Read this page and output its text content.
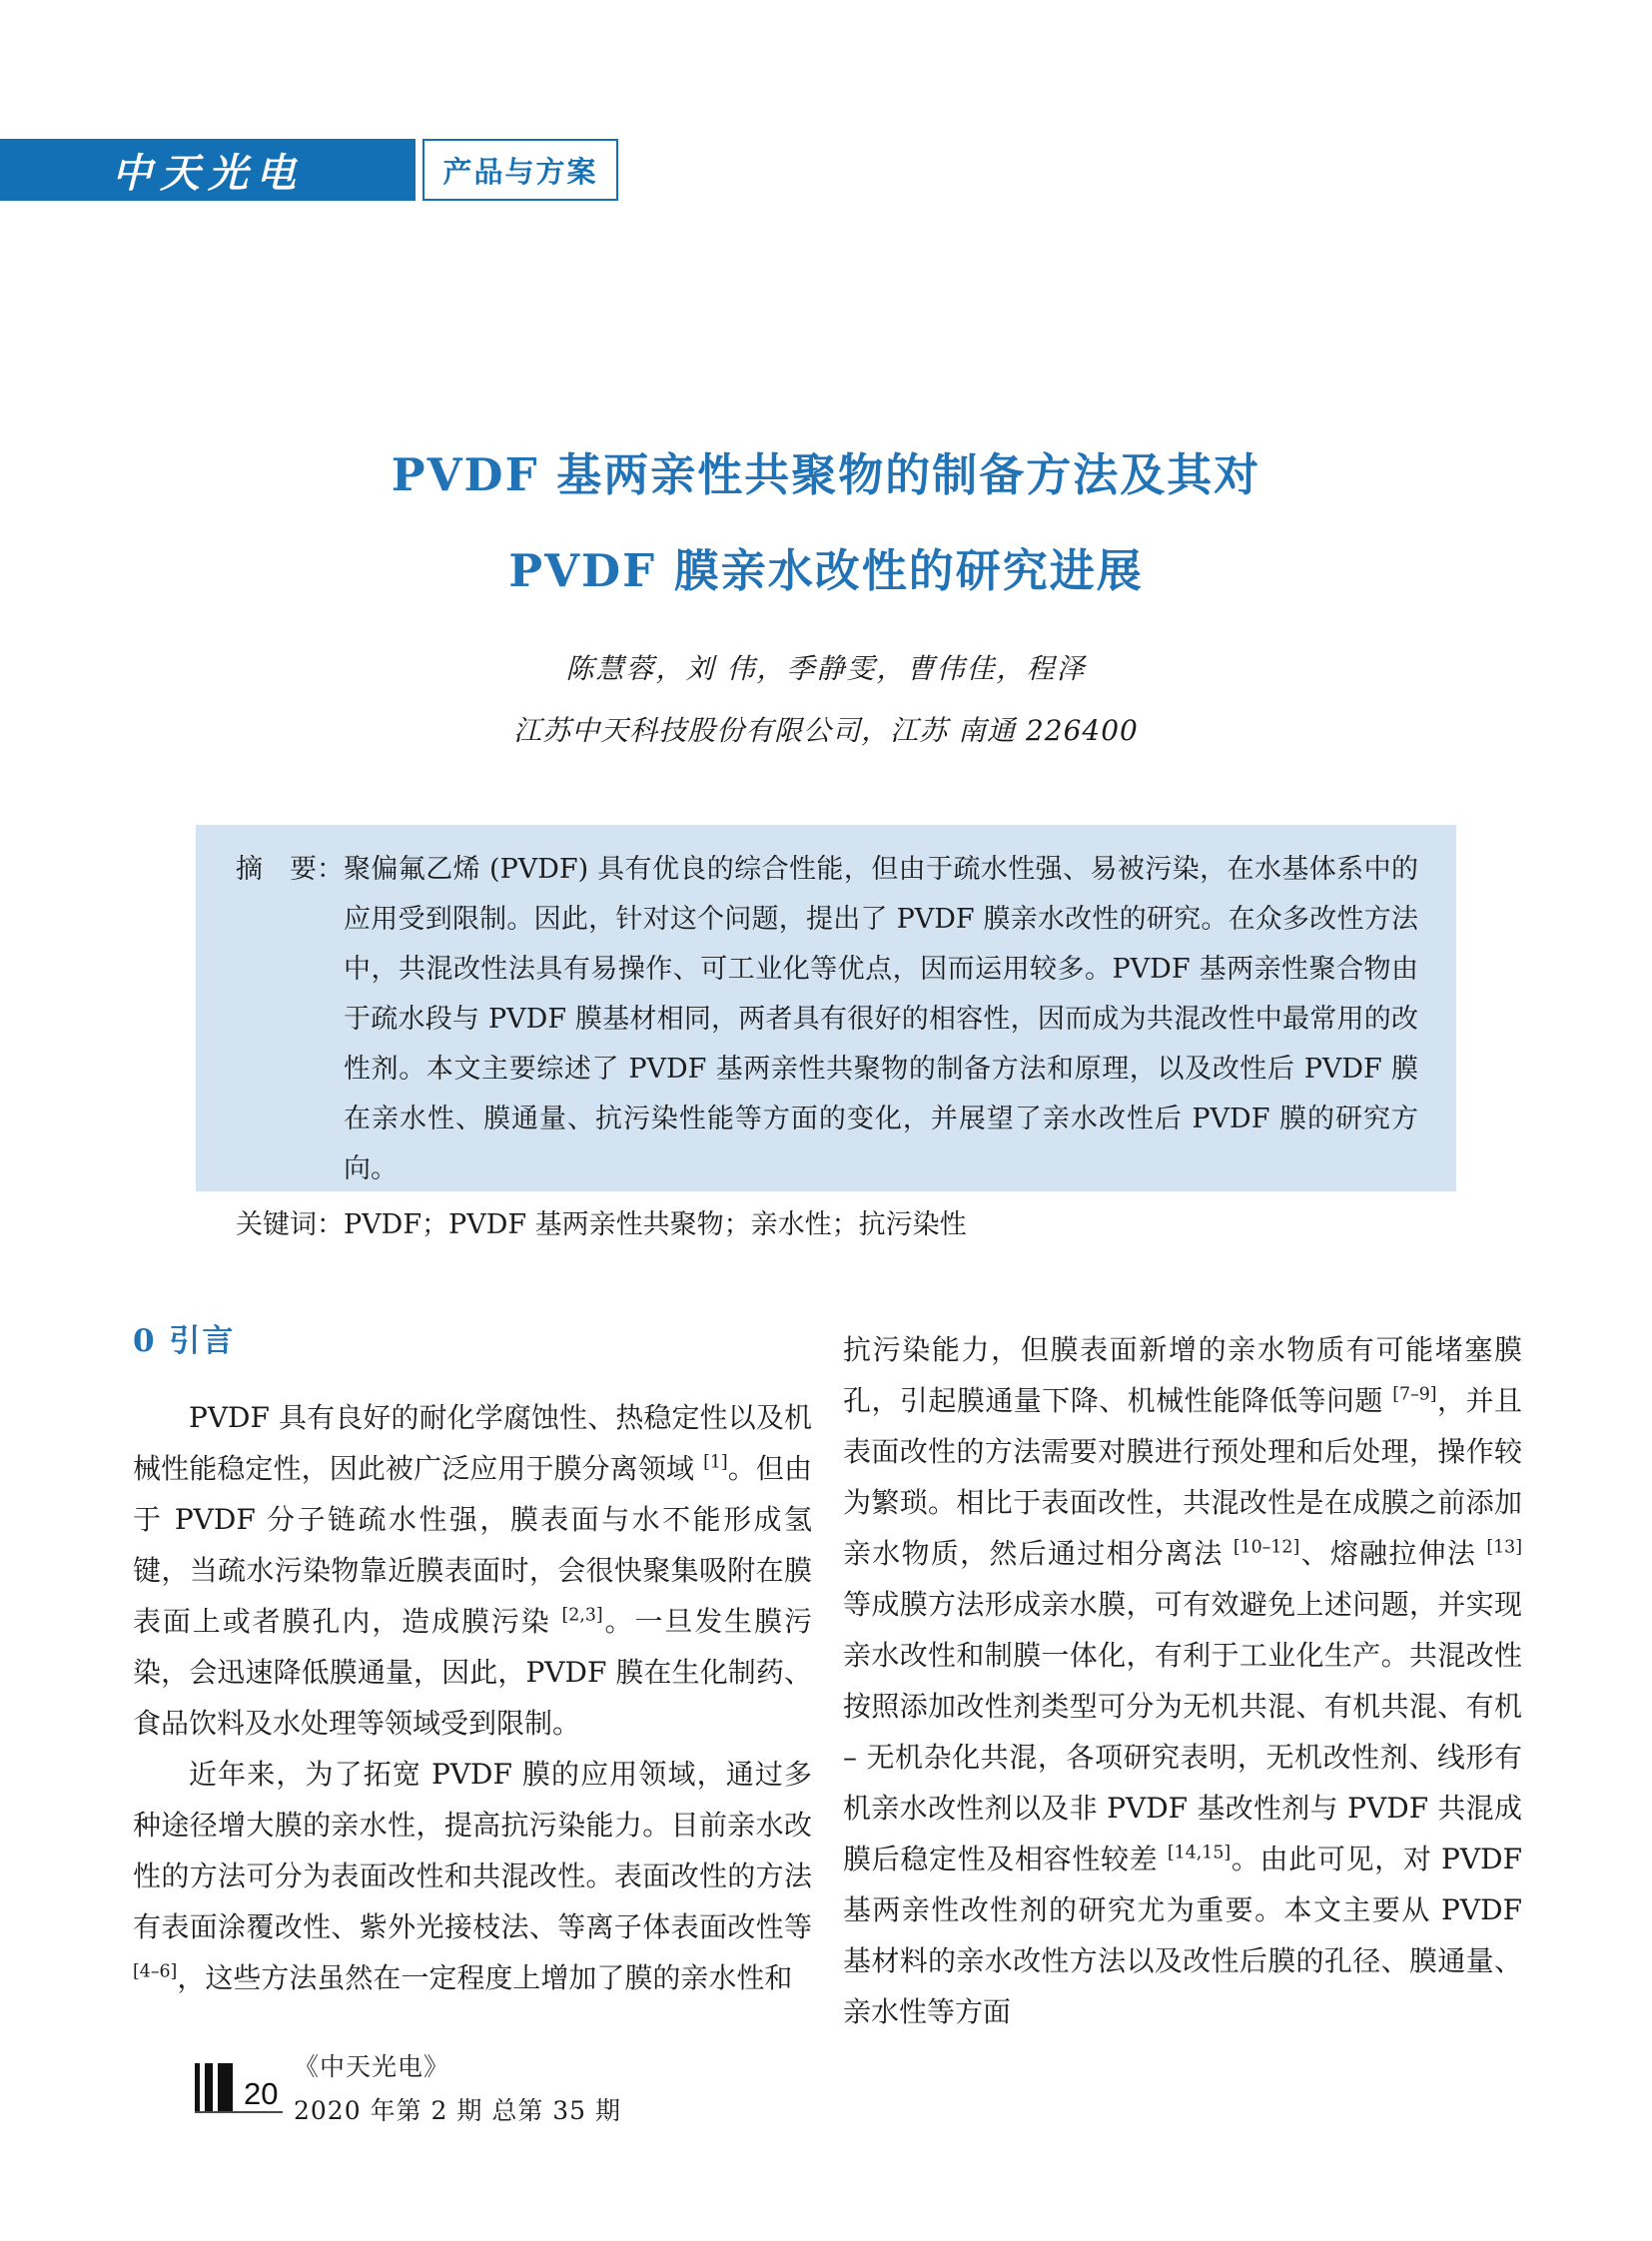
中天光电	产品与方案
PVDF 基两亲性共聚物的制备方法及其对
PVDF 膜亲水改性的研究进展
陈慧蓉，刘 伟，季静雯，曹伟佳，程泽
江苏中天科技股份有限公司，江苏 南通 226400
摘　要： 聚偏氟乙烯 (PVDF) 具有优良的综合性能，但由于疏水性强、易被污染，在水基体系中的应用受到限制。因此，针对这个问题，提出了 PVDF 膜亲水改性的研究。在众多改性方法中，共混改性法具有易操作、可工业化等优点，因而运用较多。PVDF 基两亲性聚合物由于疏水段与 PVDF 膜基材相同，两者具有很好的相容性，因而成为共混改性中最常用的改性剂。本文主要综述了 PVDF 基两亲性共聚物的制备方法和原理，以及改性后 PVDF 膜在亲水性、膜通量、抗污染性能等方面的变化，并展望了亲水改性后 PVDF 膜的研究方向。
关键词： PVDF；PVDF 基两亲性共聚物；亲水性；抗污染性
0 引言

PVDF 具有良好的耐化学腐蚀性、热稳定性以及机械性能稳定性，因此被广泛应用于膜分离领域 [1]。但由于 PVDF 分子链疏水性强，膜表面与水不能形成氢键，当疏水污染物靠近膜表面时，会很快聚集吸附在膜表面上或者膜孔内，造成膜污染 [2,3]。一旦发生膜污染，会迅速降低膜通量，因此，PVDF 膜在生化制药、食品饮料及水处理等领域受到限制。

近年来，为了拓宽 PVDF 膜的应用领域，通过多种途径增大膜的亲水性，提高抗污染能力。目前亲水改性的方法可分为表面改性和共混改性。表面改性的方法有表面涂覆改性、紫外光接枝法、等离子体表面改性等[4–6]，这些方法虽然在一定程度上增加了膜的亲水性和

抗污染能力，但膜表面新增的亲水物质有可能堵塞膜孔，引起膜通量下降、机械性能降低等问题 [7–9]，并且表面改性的方法需要对膜进行预处理和后处理，操作较为繁琐。相比于表面改性，共混改性是在成膜之前添加亲水物质，然后通过相分离法 [10–12]、熔融拉伸法 [13] 等成膜方法形成亲水膜，可有效避免上述问题，并实现亲水改性和制膜一体化，有利于工业化生产。共混改性按照添加改性剂类型可分为无机共混、有机共混、有机 – 无机杂化共混，各项研究表明，无机改性剂、线形有机亲水改性剂以及非 PVDF 基改性剂与 PVDF 共混成膜后稳定性及相容性较差 [14,15]。由此可见，对 PVDF 基两亲性改性剂的研究尤为重要。本文主要从 PVDF 基材料的亲水改性方法以及改性后膜的孔径、膜通量、亲水性等方面

20
《中天光电》
2020 年第 2 期 总第 35 期
